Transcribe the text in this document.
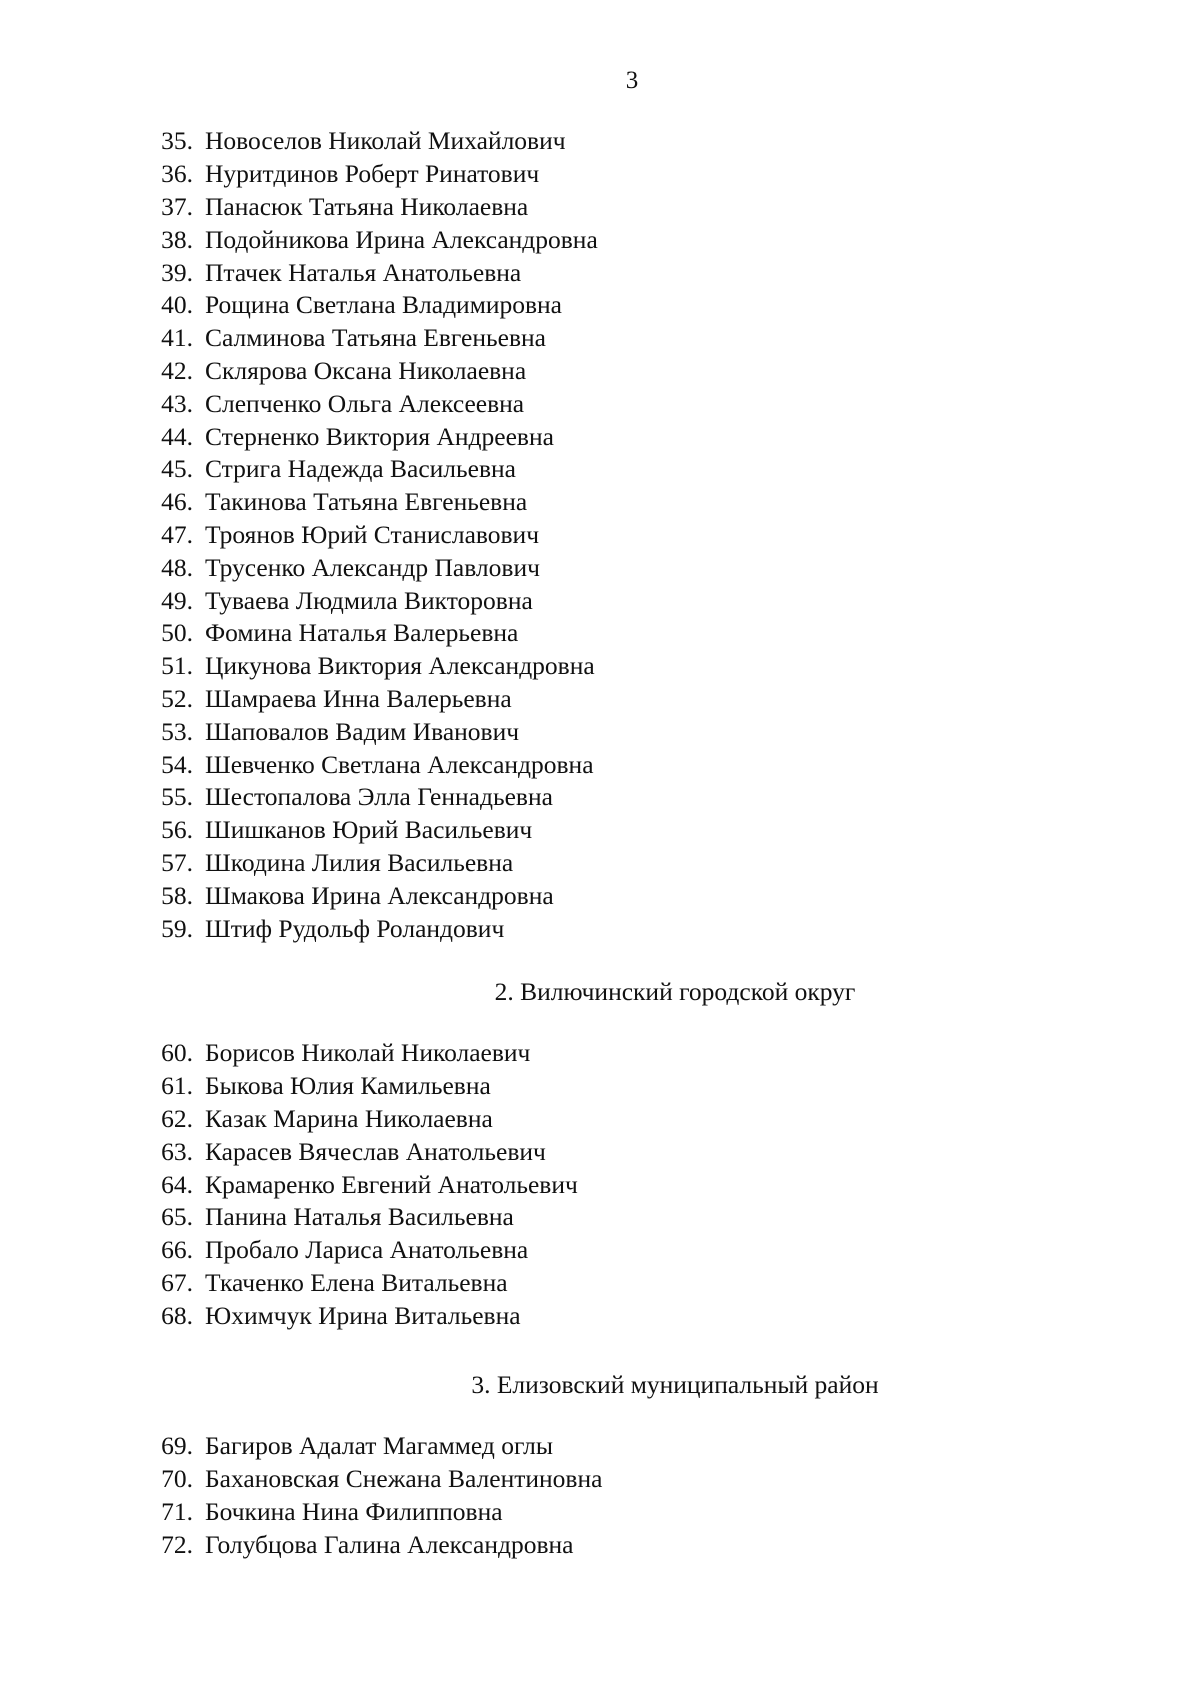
3
35. Новоселов Николай Михайлович
36. Нуритдинов Роберт Ринатович
37. Панасюк Татьяна Николаевна
38. Подойникова Ирина Александровна
39. Птачек Наталья Анатольевна
40. Рощина Светлана Владимировна
41. Салминова Татьяна Евгеньевна
42. Склярова Оксана Николаевна
43. Слепченко Ольга Алексеевна
44. Стерненко Виктория Андреевна
45. Стрига Надежда Васильевна
46. Такинова Татьяна Евгеньевна
47. Троянов Юрий Станиславович
48. Трусенко Александр Павлович
49. Туваева Людмила Викторовна
50. Фомина Наталья Валерьевна
51. Цикунова Виктория Александровна
52. Шамраева Инна Валерьевна
53. Шаповалов Вадим Иванович
54. Шевченко Светлана Александровна
55. Шестопалова Элла Геннадьевна
56. Шишканов Юрий Васильевич
57. Шкодина Лилия Васильевна
58. Шмакова Ирина Александровна
59. Штиф Рудольф Роландович
2. Вилючинский городской округ
60. Борисов Николай Николаевич
61. Быкова Юлия Камильевна
62. Казак Марина Николаевна
63. Карасев Вячеслав Анатольевич
64. Крамаренко Евгений Анатольевич
65. Панина Наталья Васильевна
66. Пробало Лариса Анатольевна
67. Ткаченко Елена Витальевна
68. Юхимчук Ирина Витальевна
3. Елизовский муниципальный район
69. Багиров Адалат Магаммед оглы
70. Бахановская Снежана Валентиновна
71. Бочкина Нина Филипповна
72. Голубцова Галина Александровна
